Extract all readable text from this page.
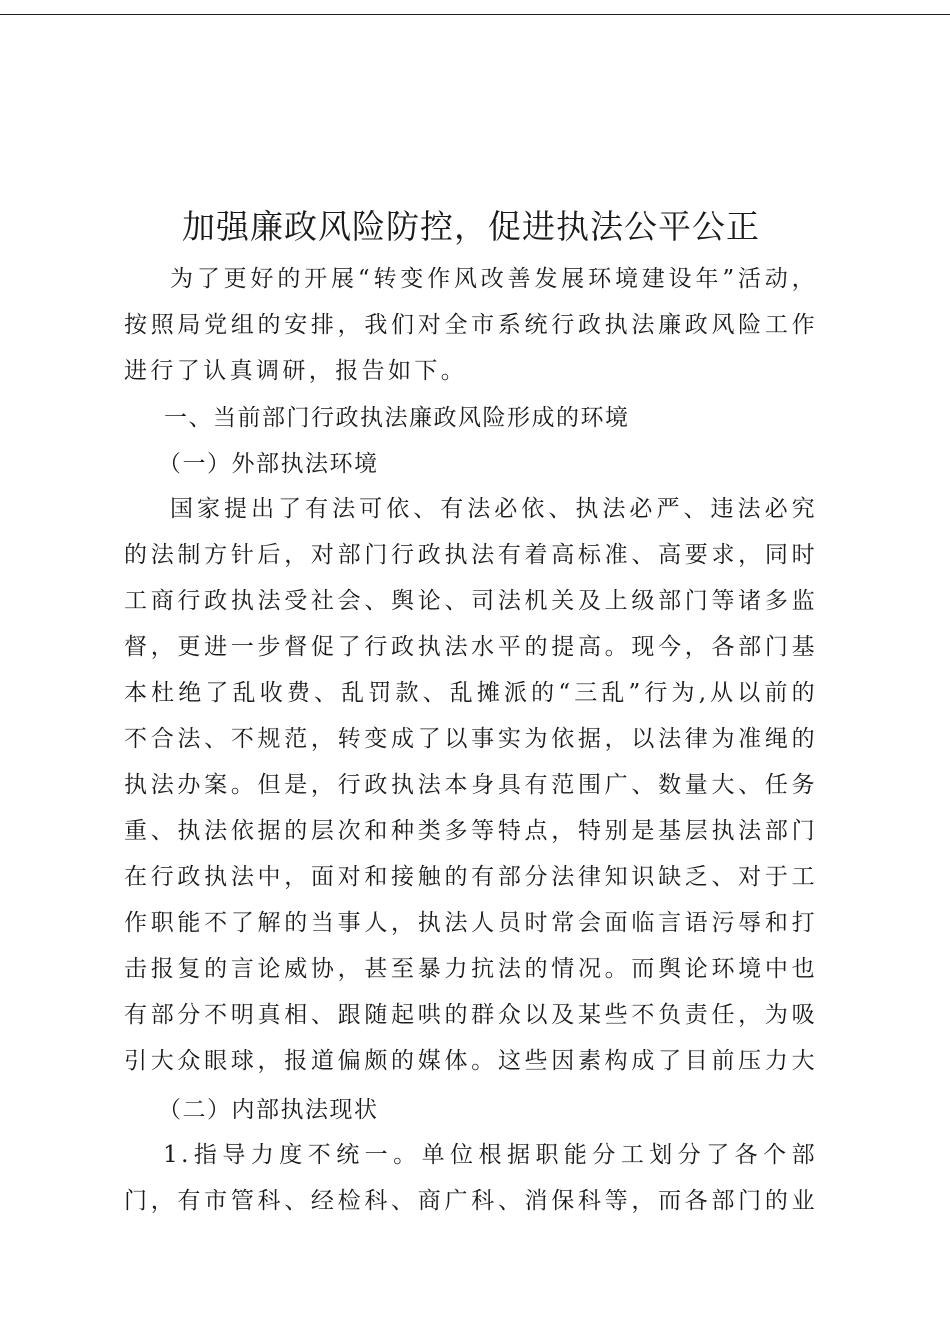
加强廉政风险防控，促进执法公平公正

为了更好的开展“转变作风改善发展环境建设年”活动，按照局党组的安排，我们对全市系统行政执法廉政风险工作进行了认真调研，报告如下。

一、当前部门行政执法廉政风险形成的环境

（一）外部执法环境

国家提出了有法可依、有法必依、执法必严、违法必究的法制方针后，对部门行政执法有着高标准、高要求，同时工商行政执法受社会、舆论、司法机关及上级部门等诸多监督，更进一步督促了行政执法水平的提高。现今，各部门基本杜绝了乱收费、乱罚款、乱摊派的“三乱”行为,从以前的不合法、不规范，转变成了以事实为依据，以法律为准绳的执法办案。但是，行政执法本身具有范围广、数量大、任务重、执法依据的层次和种类多等特点，特别是基层执法部门在行政执法中，面对和接触的有部分法律知识缺乏、对于工作职能不了解的当事人，执法人员时常会面临言语污辱和打击报复的言论威协，甚至暴力抗法的情况。而舆论环境中也有部分不明真相、跟随起哄的群众以及某些不负责任，为吸引大众眼球，报道偏颇的媒体。这些因素构成了目前压力大

（二）内部执法现状

1.指导力度不统一。单位根据职能分工划分了各个部门，有市管科、经检科、商广科、消保科等，而各部门的业
